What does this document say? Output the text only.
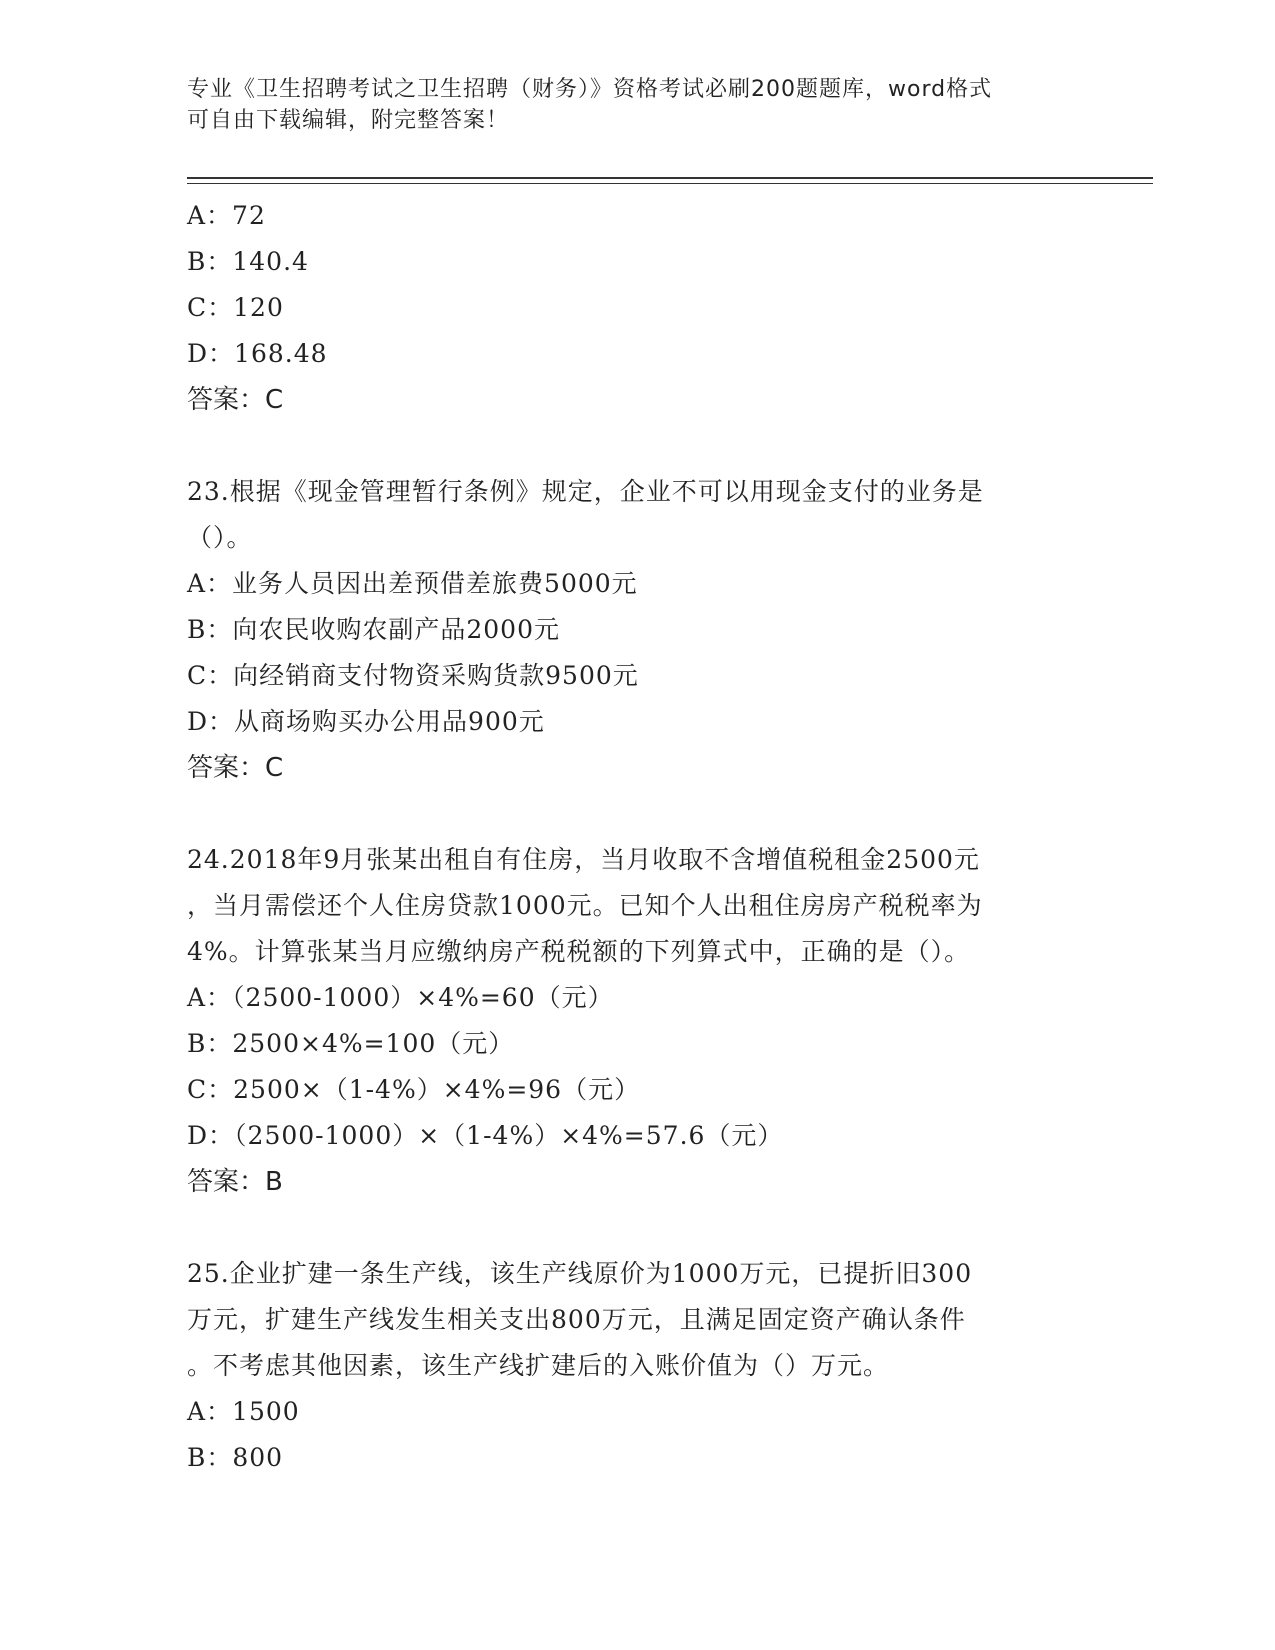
专业《卫生招聘考试之卫生招聘（财务）》资格考试必刷200题题库，word格式
可自由下载编辑，附完整答案！
A：72
B：140.4
C：120
D：168.48
答案：C
23.根据《现金管理暂行条例》规定，企业不可以用现金支付的业务是
（）。
A：业务人员因出差预借差旅费5000元
B：向农民收购农副产品2000元
C：向经销商支付物资采购货款9500元
D：从商场购买办公用品900元
答案：C
24.2018年9月张某出租自有住房，当月收取不含增值税租金2500元
，当月需偿还个人住房贷款1000元。已知个人出租住房房产税税率为
4%。计算张某当月应缴纳房产税税额的下列算式中，正确的是（）。
A：（2500-1000）×4%=60（元）
B：2500×4%=100（元）
C：2500×（1-4%）×4%=96（元）
D：（2500-1000）×（1-4%）×4%=57.6（元）
答案：B
25.企业扩建一条生产线，该生产线原价为1000万元，已提折旧300
万元，扩建生产线发生相关支出800万元，且满足固定资产确认条件
。不考虑其他因素，该生产线扩建后的入账价值为（）万元。
A：1500
B：800
